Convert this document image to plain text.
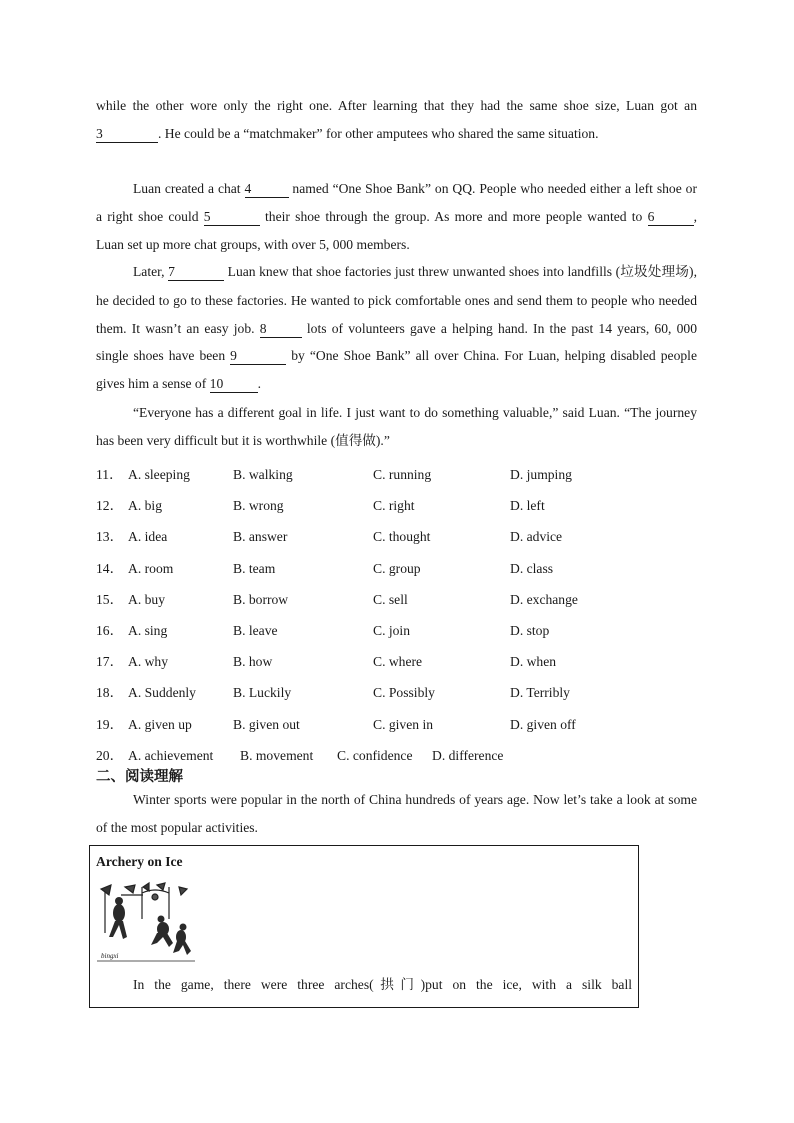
while the other wore only the right one. After learning that they had the same shoe size, Luan got an 3	. He could be a “matchmaker” for other amputees who shared the same situation.

Luan created a chat 4	named “One Shoe Bank” on QQ. People who needed either a left shoe or a right shoe could 5	their shoe through the group. As more and more people wanted to 6	, Luan set up more chat groups, with over 5, 000 members.

Later, 7	Luan knew that shoe factories just threw unwanted shoes into landfills (垃圾处理场), he decided to go to these factories. He wanted to pick comfortable ones and send them to people who needed them. It wasn’t an easy job. 8	lots of volunteers gave a helping hand. In the past 14 years, 60, 000 single shoes have been 9	by “One Shoe Bank” all over China. For Luan, helping disabled people gives him a sense of 10	.

“Everyone has a different goal in life. I just want to do something valuable,” said Luan. “The journey has been very difficult but it is worthwhile (值得做).”

11． A. sleeping	B. walking	C. running	D. jumping
12． A. big	B. wrong	C. right	D. left
13． A. idea	B. answer	C. thought	D. advice
14． A. room	B. team	C. group	D. class
15． A. buy	B. borrow	C. sell	D. exchange
16． A. sing	B. leave	C. join	D. stop
17． A. why	B. how	C. where	D. when
18． A. Suddenly	B. Luckily	C. Possibly	D. Terribly
19． A. given up	B. given out	C. given in	D. given off
20． A. achievement B. movement C. confidence D. difference
二、阅读理解

Winter sports were popular in the north of China hundreds of years age. Now let’s take a look at some of the most popular activities.

Archery on Ice

bingxi

In the game, there were three arches(拱门)put on the ice, with a silk ball
